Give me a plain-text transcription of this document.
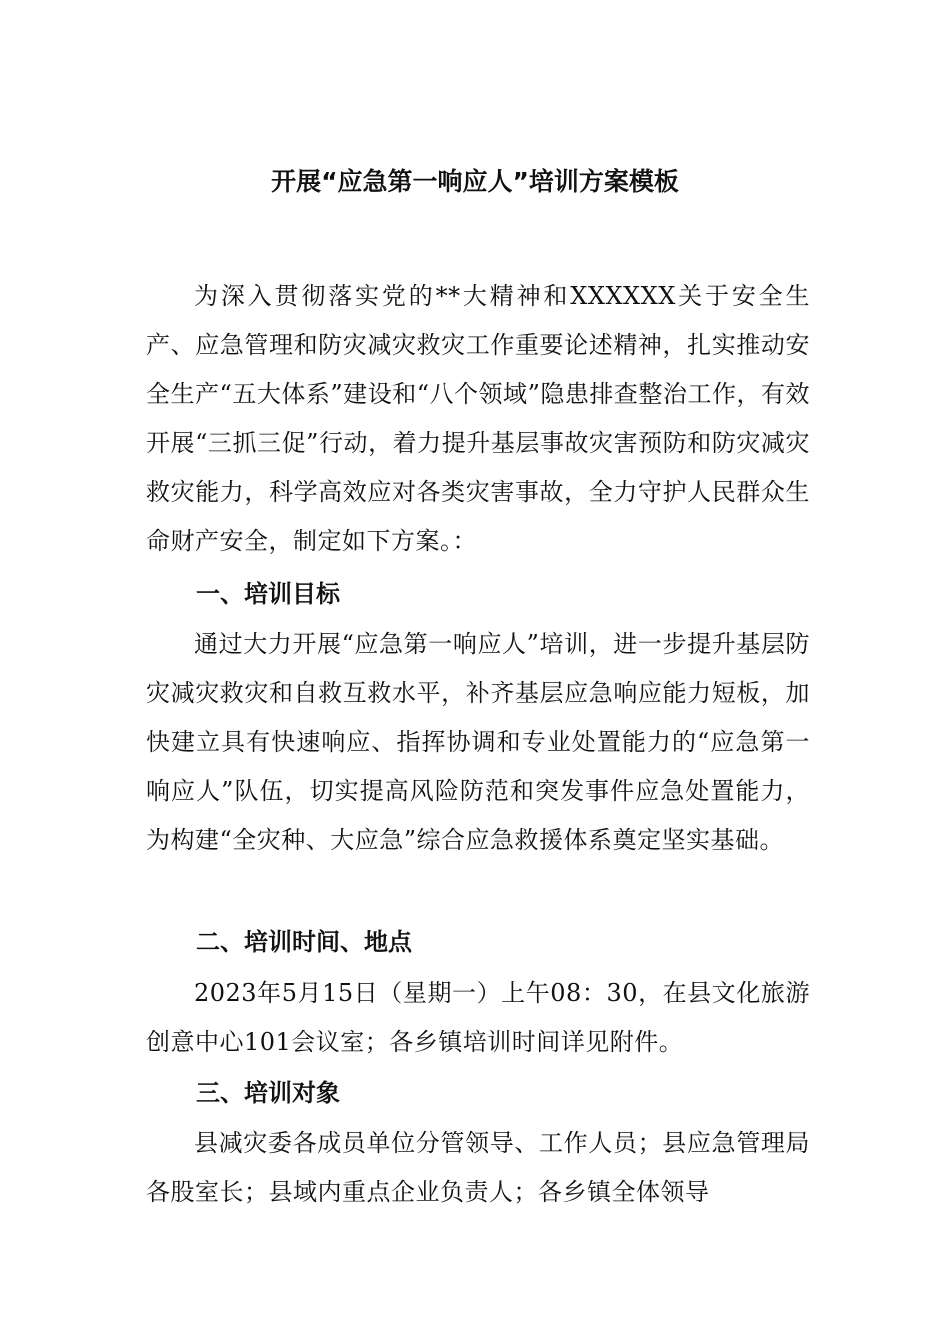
开展“应急第一响应人”培训方案模板

为深入贯彻落实党的**大精神和XXXXXX关于安全生产、应急管理和防灾减灾救灾工作重要论述精神，扎实推动安全生产“五大体系”建设和“八个领域”隐患排查整治工作，有效开展“三抓三促”行动，着力提升基层事故灾害预防和防灾减灾救灾能力，科学高效应对各类灾害事故，全力守护人民群众生命财产安全，制定如下方案。：

一、培训目标

通过大力开展“应急第一响应人”培训，进一步提升基层防灾减灾救灾和自救互救水平，补齐基层应急响应能力短板，加快建立具有快速响应、指挥协调和专业处置能力的“应急第一响应人”队伍，切实提高风险防范和突发事件应急处置能力，为构建“全灾种、大应急”综合应急救援体系奠定坚实基础。

二、培训时间、地点

2023年5月15日（星期一）上午08：30，在县文化旅游创意中心101会议室；各乡镇培训时间详见附件。

三、培训对象

县减灾委各成员单位分管领导、工作人员；县应急管理局各股室长；县域内重点企业负责人；各乡镇全体领导
